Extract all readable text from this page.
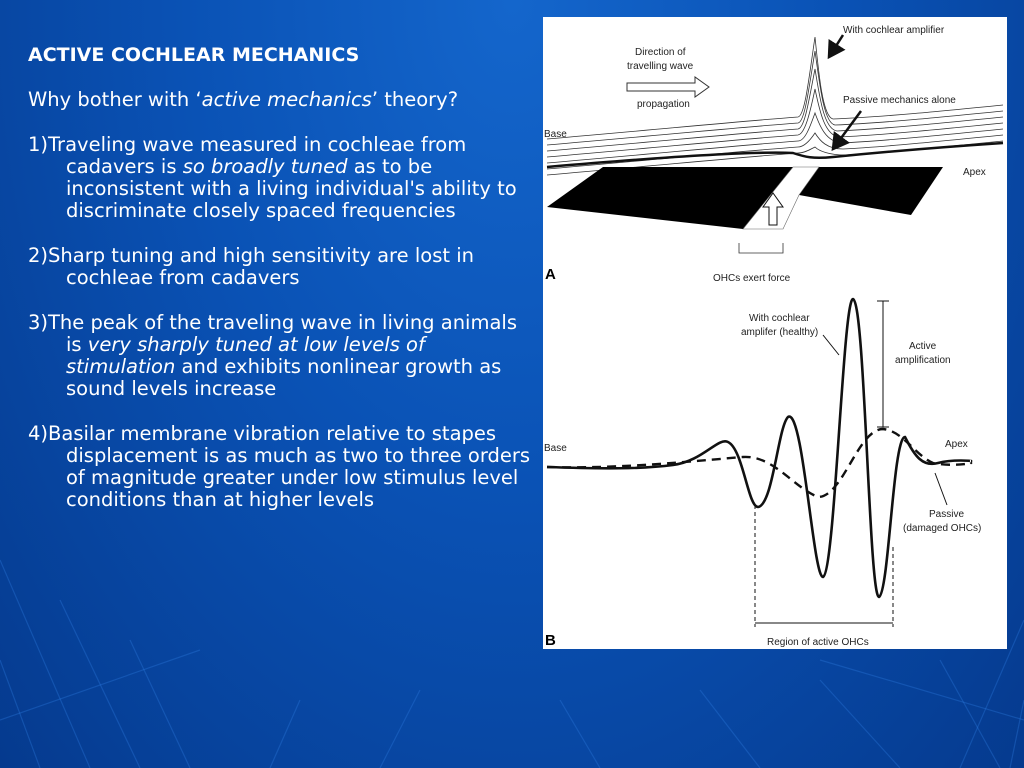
ACTIVE COCHLEAR MECHANICS

Why bother with ‘active mechanics’ theory?

1)Traveling wave measured in cochleae from cadavers is so broadly tuned as to be inconsistent with a living individual's ability to discriminate closely spaced frequencies

2)Sharp tuning and high sensitivity are lost in cochleae from cadavers

3)The peak of the traveling wave in living animals is very sharply tuned at low levels of stimulation and exhibits nonlinear growth as sound levels increase

4)Basilar membrane vibration relative to stapes displacement is as much as two to three orders of magnitude greater under low stimulus level conditions than at higher levels

Direction of
travelling wave
propagation
With cochlear amplifier
Passive mechanics alone
Base
Apex
OHCs exert force
A
With cochlear
amplifer (healthy)
Active
amplification
Base	Apex
Passive
(damaged OHCs)
Region of active OHCs
B
